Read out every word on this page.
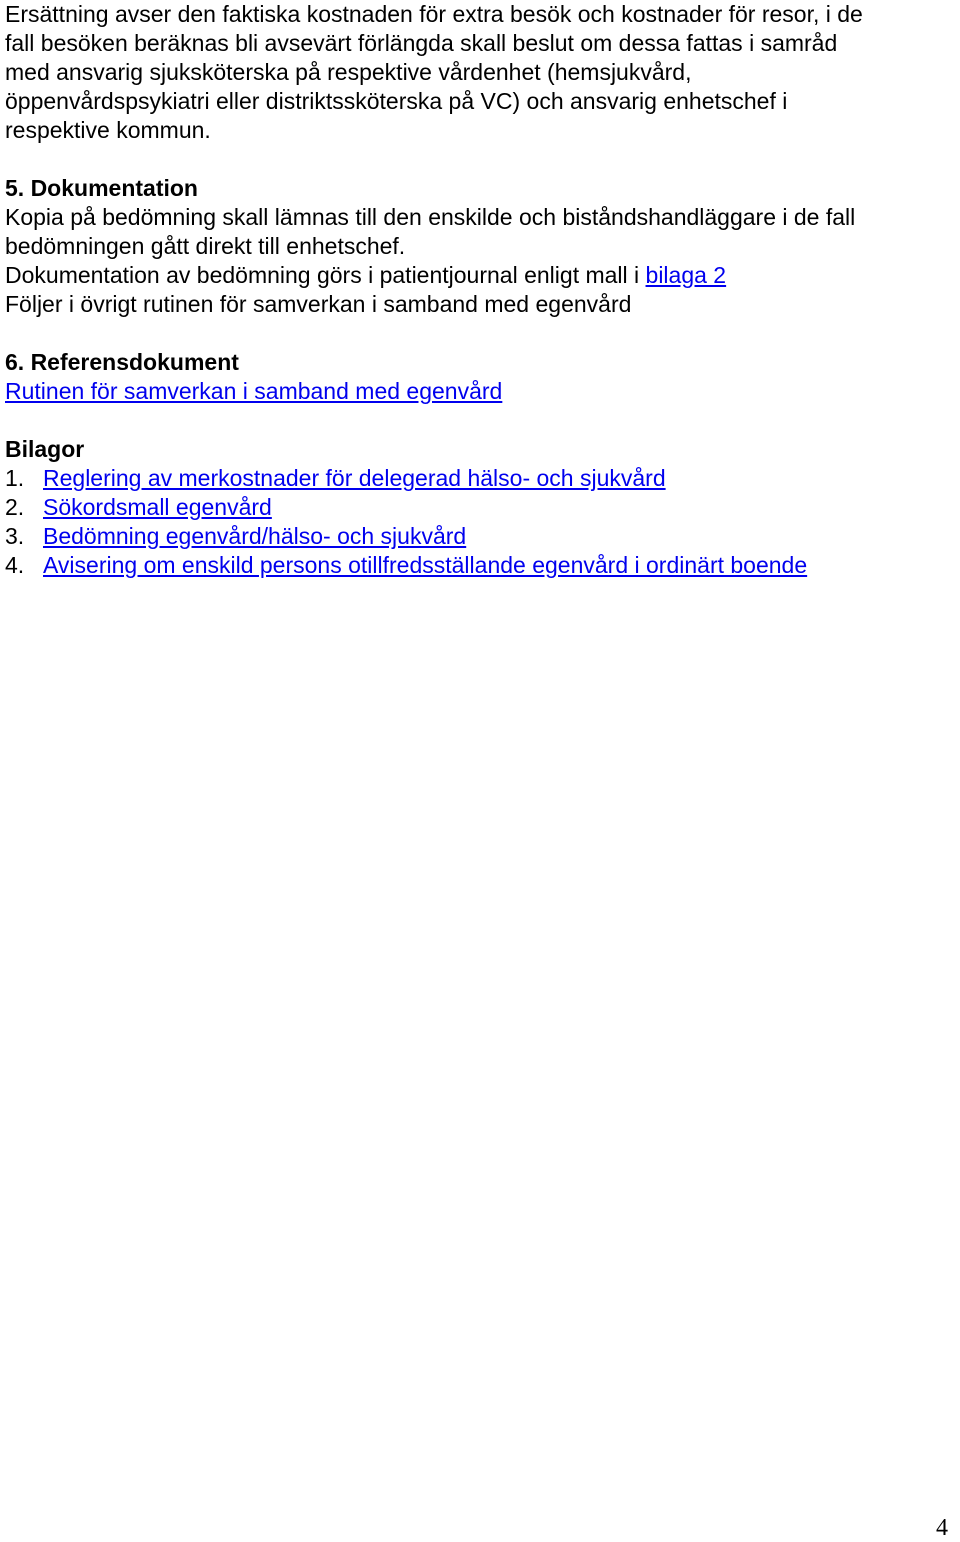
Ersättning avser den faktiska kostnaden för extra besök och kostnader för resor, i de

fall besöken beräknas bli avsevärt förlängda skall beslut om dessa fattas i samråd

med ansvarig sjuksköterska på respektive vårdenhet (hemsjukvård,

öppenvårdspsykiatri eller distriktssköterska på VC) och ansvarig enhetschef i

respektive kommun.

5. Dokumentation

Kopia på bedömning skall lämnas till den enskilde och biståndshandläggare i de fall

bedömningen gått direkt till enhetschef.

Dokumentation av bedömning görs i patientjournal enligt mall i bilaga 2

Följer i övrigt rutinen för samverkan i samband med egenvård

6. Referensdokument

Rutinen för samverkan i samband med egenvård

Bilagor

1. Reglering av merkostnader för delegerad hälso- och sjukvård
2. Sökordsmall egenvård
3. Bedömning egenvård/hälso- och sjukvård
4. Avisering om enskild persons otillfredsställande egenvård i ordinärt boende
4
